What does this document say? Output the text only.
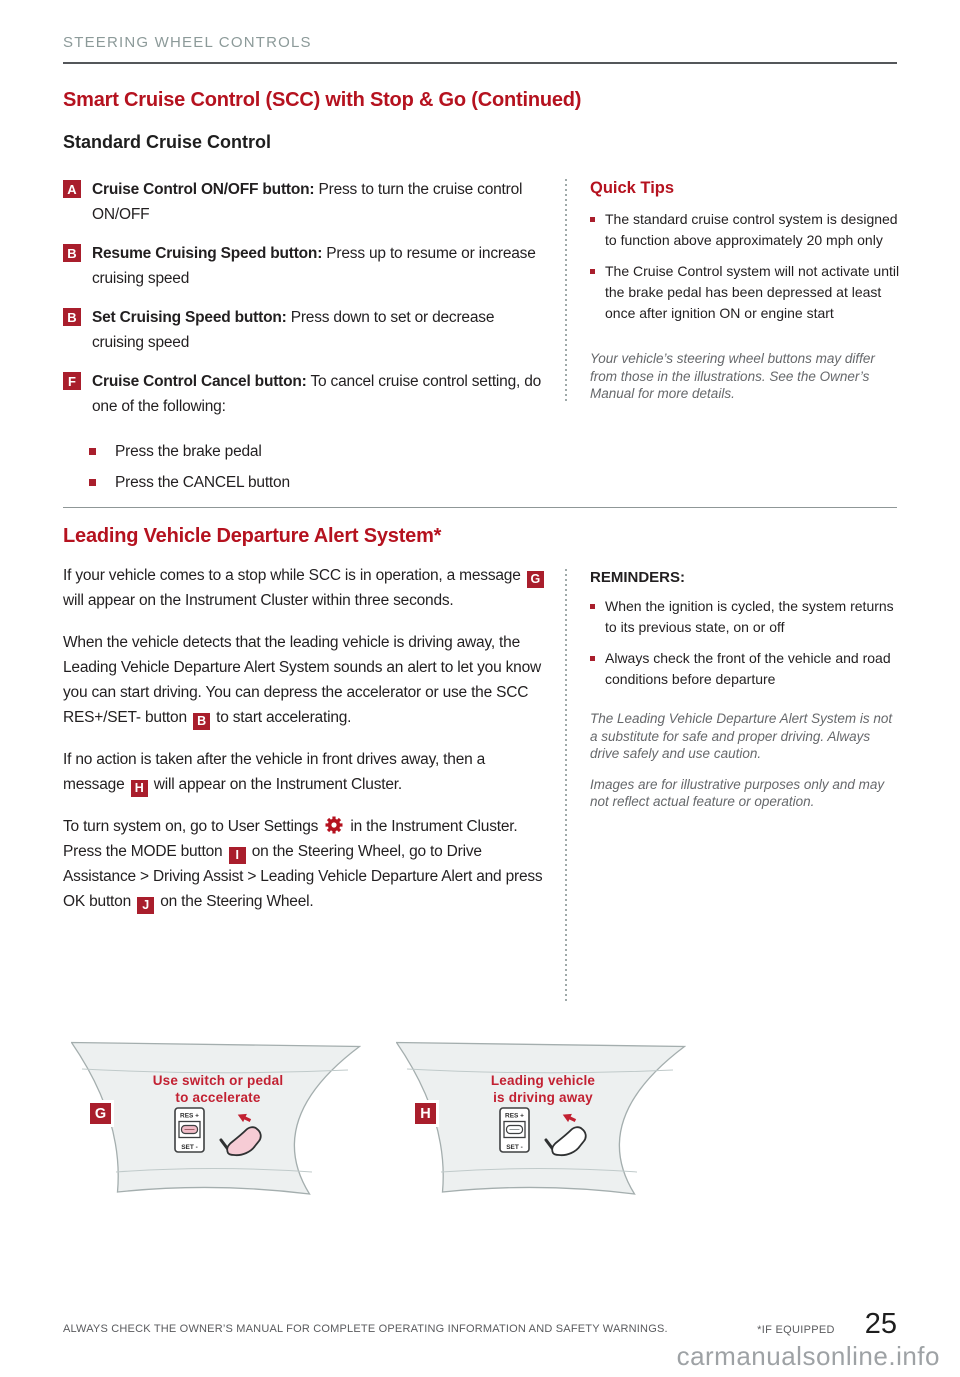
STEERING WHEEL CONTROLS
Smart Cruise Control (SCC) with Stop & Go (Continued)
Standard Cruise Control
A Cruise Control ON/OFF button: Press to turn the cruise control ON/OFF
B Resume Cruising Speed button: Press up to resume or increase cruising speed
B Set Cruising Speed button: Press down to set or decrease cruising speed
F	Cruise Control Cancel button: To cancel cruise control setting, do one of the following:
Press the brake pedal
Press the CANCEL button
Quick Tips
The standard cruise control system is designed to function above approximately 20 mph only
The Cruise Control system will not activate until the brake pedal has been depressed at least once after ignition ON or engine start

Your vehicle’s steering wheel buttons may differ from those in the illustrations. See the Owner’s Manual for more details.

Leading Vehicle Departure Alert System*

If your vehicle comes to a stop while SCC is in operation, a message G will appear on the Instrument Cluster within three seconds.

When the vehicle detects that the leading vehicle is driving away, the Leading Vehicle Departure Alert System sounds an alert to let you know you can start driving. You can depress the accelerator or use the SCC RES+/SET- button B to start accelerating.

If no action is taken after the vehicle in front drives away, then a message H will appear on the Instrument Cluster.

To turn system on, go to User Settings in the Instrument Cluster. Press the MODE button I on the Steering Wheel, go to Drive Assistance > Driving Assist > Leading Vehicle Departure Alert and press OK button J on the Steering Wheel.

REMINDERS:
When the ignition is cycled, the system returns to its previous state, on or off
Always check the front of the vehicle and road conditions before departure

The Leading Vehicle Departure Alert System is not a substitute for safe and proper driving. Always drive safely and use caution.

Images are for illustrative purposes only and may not reflect actual feature or operation.

Use switch or pedal
to accelerate
RES +
SET -
G
Leading vehicle
is driving away
RES +
SET -
H
ALWAYS CHECK THE OWNER’S MANUAL FOR COMPLETE OPERATING INFORMATION AND SAFETY WARNINGS.	*IF EQUIPPED 25
carmanualsonline.info
